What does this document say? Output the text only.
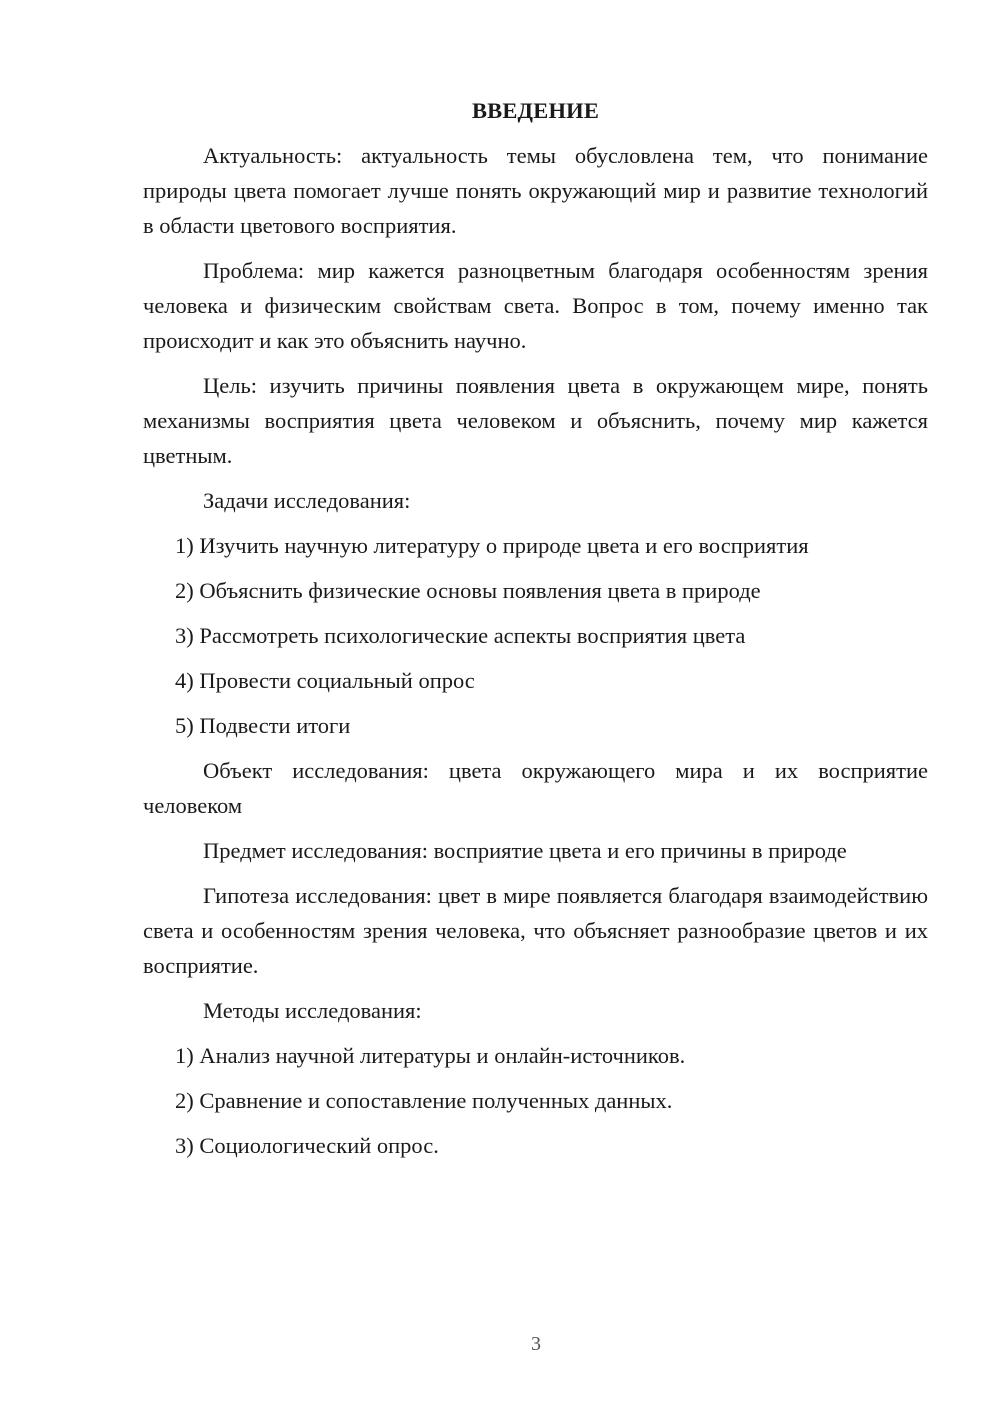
ВВЕДЕНИЕ

Актуальность: актуальность темы обусловлена тем, что понимание природы цвета помогает лучше понять окружающий мир и развитие технологий в области цветового восприятия.

Проблема: мир кажется разноцветным благодаря особенностям зрения человека и физическим свойствам света. Вопрос в том, почему именно так происходит и как это объяснить научно.

Цель: изучить причины появления цвета в окружающем мире, понять механизмы восприятия цвета человеком и объяснить, почему мир кажется цветным.

Задачи исследования:

1) Изучить научную литературу о природе цвета и его восприятия
2) Объяснить физические основы появления цвета в природе
3) Рассмотреть психологические аспекты восприятия цвета
4) Провести социальный опрос
5) Подвести итоги

Объект исследования: цвета окружающего мира и их восприятие человеком

Предмет исследования: восприятие цвета и его причины в природе

Гипотеза исследования: цвет в мире появляется благодаря взаимодействию света и особенностям зрения человека, что объясняет разнообразие цветов и их восприятие.

Методы исследования:

1) Анализ научной литературы и онлайн-источников.
2) Сравнение и сопоставление полученных данных.
3) Социологический опрос.
3
